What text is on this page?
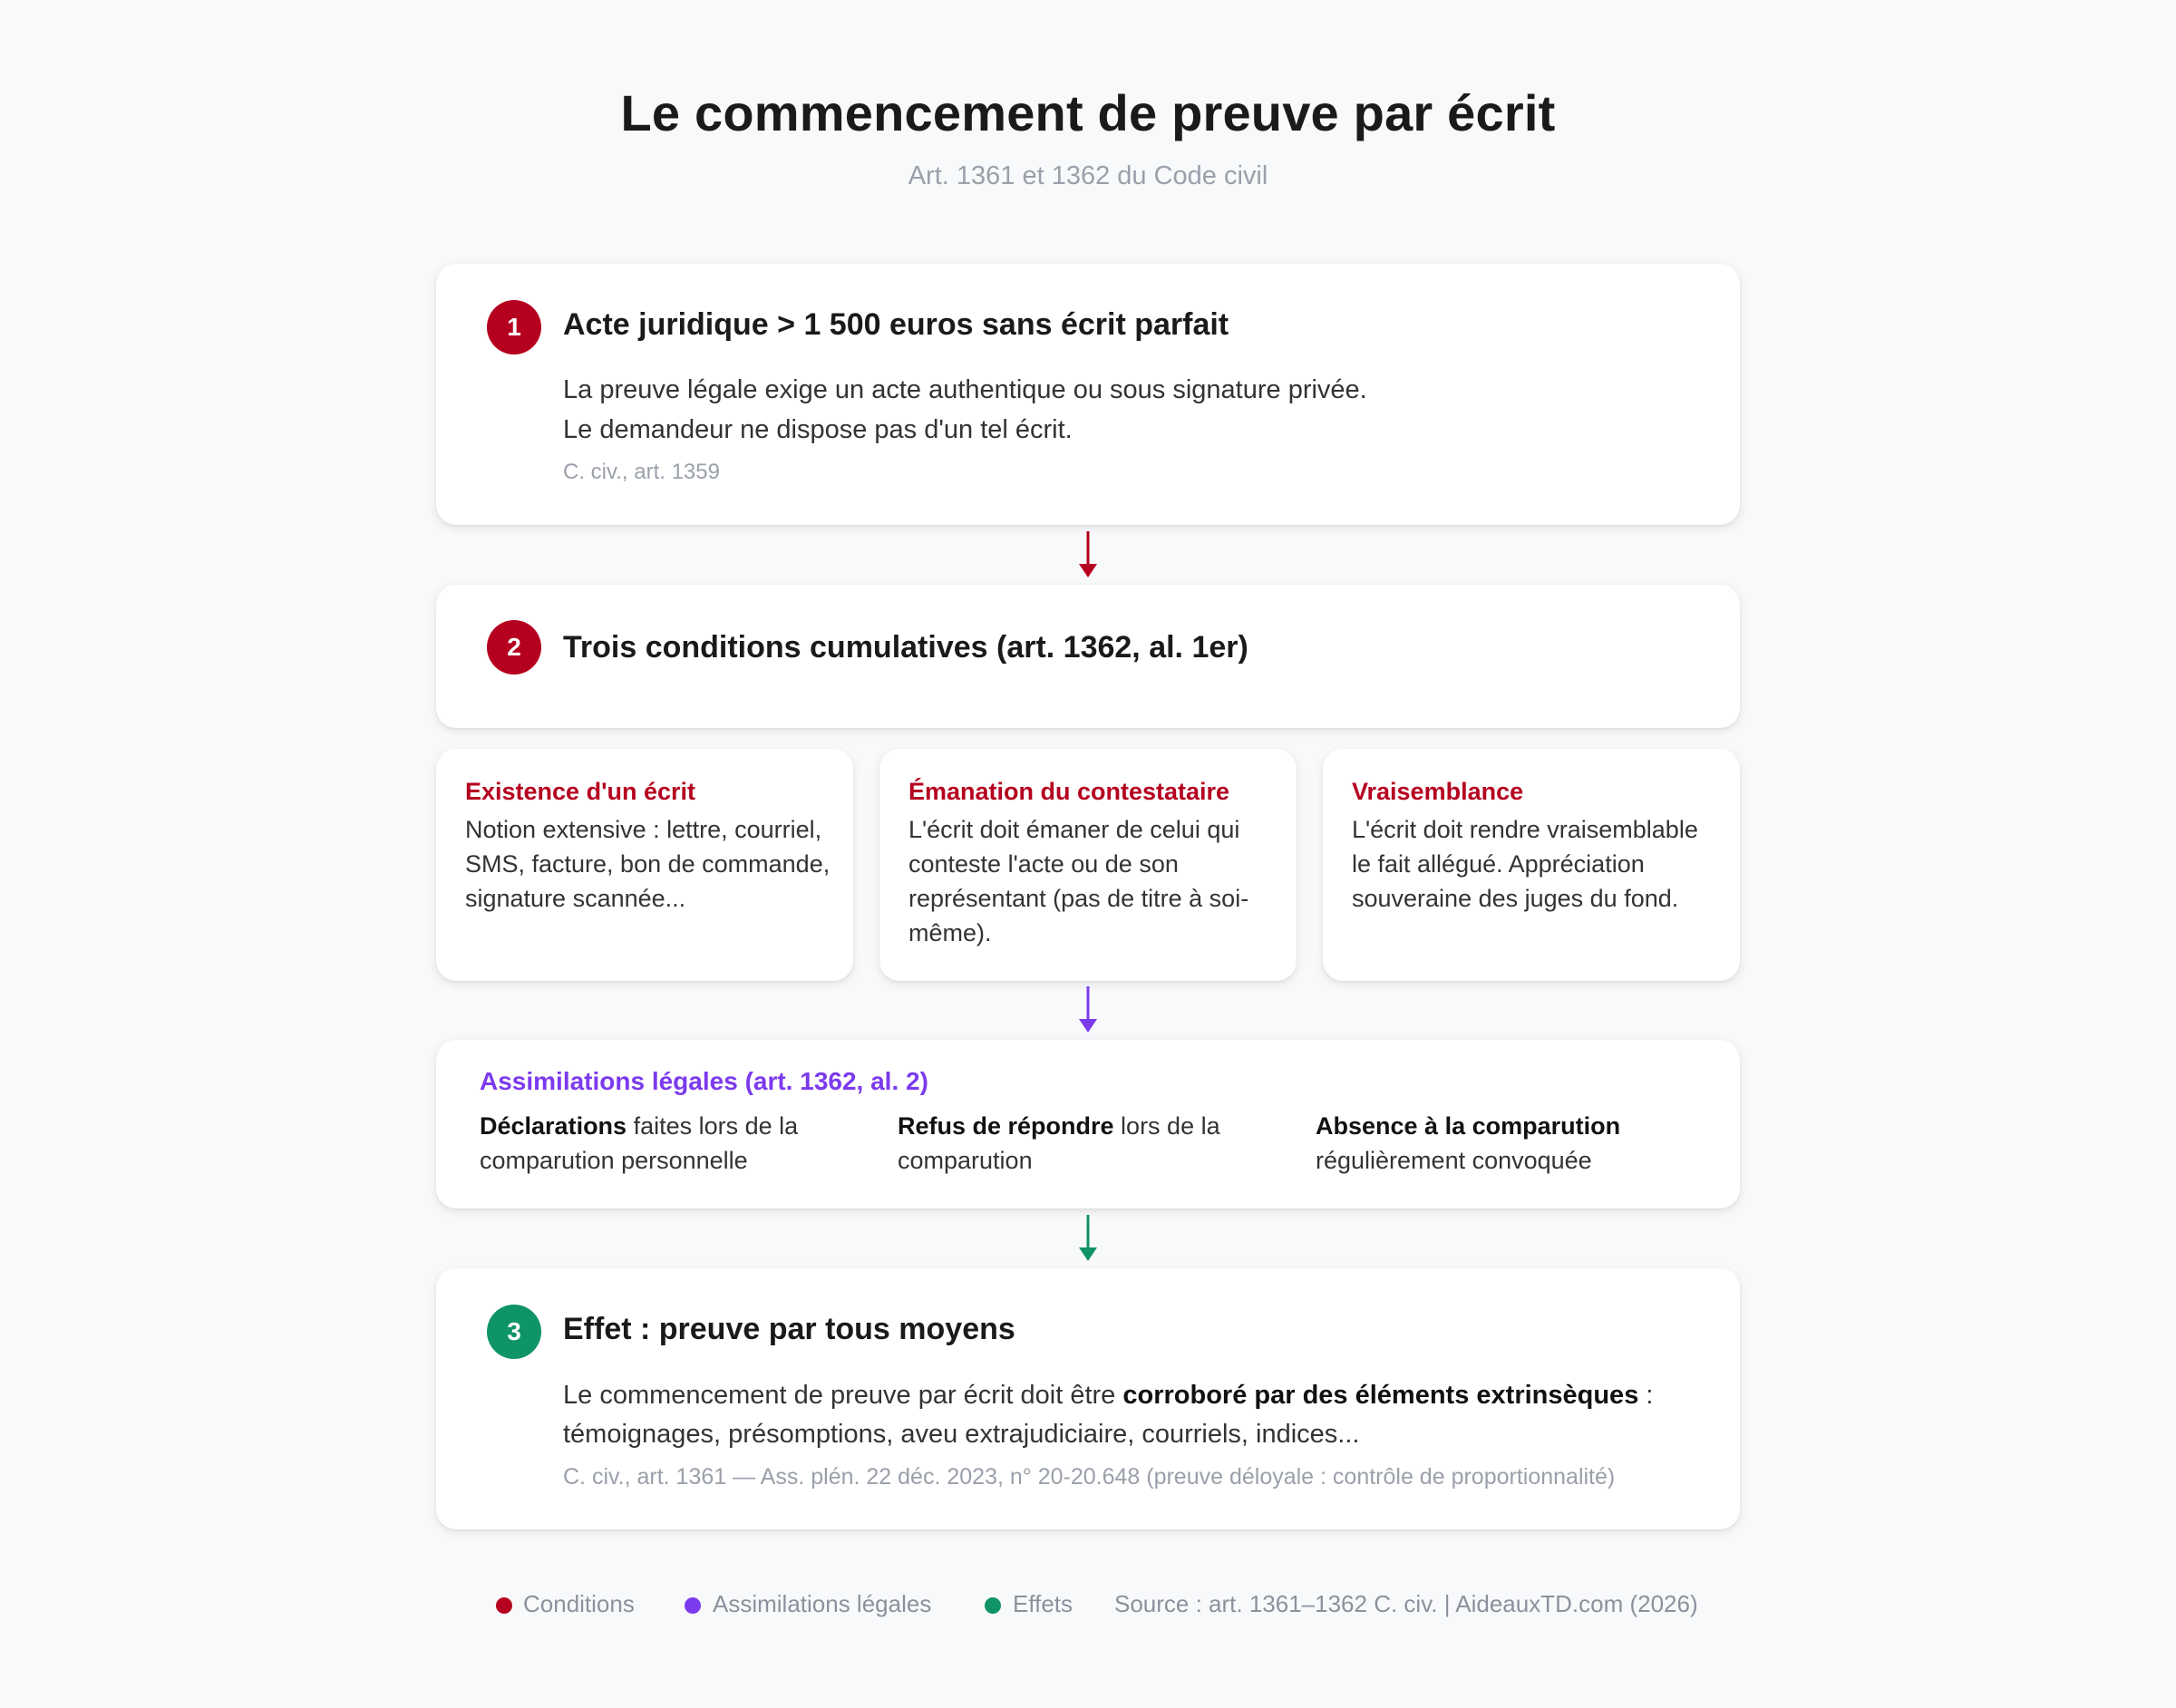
Le commencement de preuve par écrit
Art. 1361 et 1362 du Code civil
1	Acte juridique > 1 500 euros sans écrit parfait
La preuve légale exige un acte authentique ou sous signature privée.
Le demandeur ne dispose pas d'un tel écrit.
C. civ., art. 1359
2	Trois conditions cumulatives (art. 1362, al. 1er)
Existence d'un écrit
Notion extensive : lettre, courriel, SMS, facture, bon de commande, signature scannée...
Émanation du contestataire
L'écrit doit émaner de celui qui conteste l'acte ou de son représentant (pas de titre à soi-même).
Vraisemblance
L'écrit doit rendre vraisemblable le fait allégué. Appréciation souveraine des juges du fond.
Assimilations légales (art. 1362, al. 2)
Déclarations faites lors de la comparution personnelle
Refus de répondre lors de la comparution
Absence à la comparution régulièrement convoquée
3	Effet : preuve par tous moyens
Le commencement de preuve par écrit doit être corroboré par des éléments extrinsèques :
témoignages, présomptions, aveu extrajudiciaire, courriels, indices...
C. civ., art. 1361 — Ass. plén. 22 déc. 2023, n° 20-20.648 (preuve déloyale : contrôle de proportionnalité)
Conditions	Assimilations légales	Effets Source : art. 1361–1362 C. civ. | AideauxTD.com (2026)
